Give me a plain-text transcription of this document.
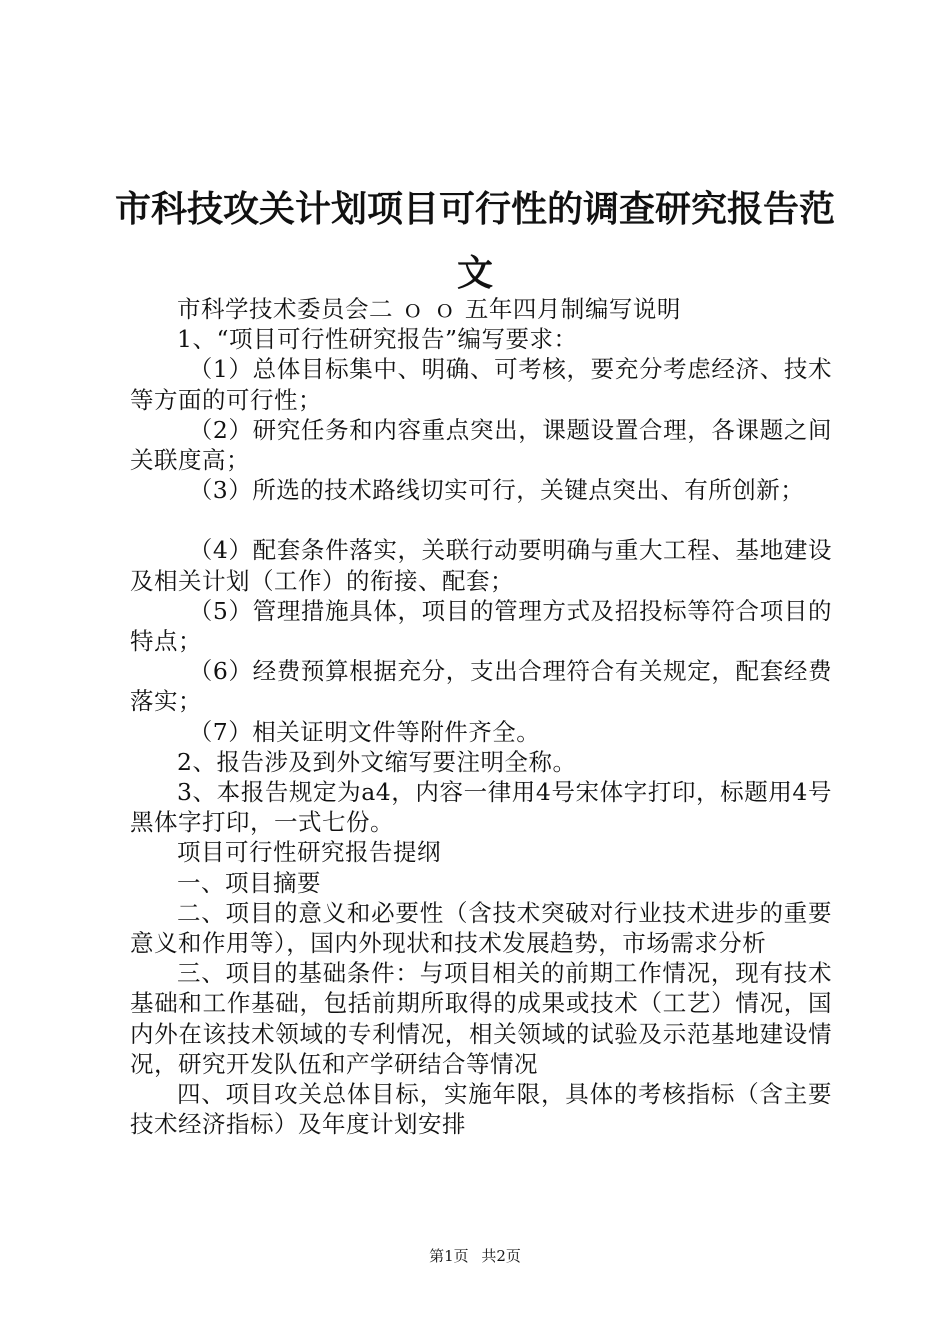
市科技攻关计划项目可行性的调查研究报告范文

市科学技术委员会二 ｏ ｏ 五年四月制编写说明

1、“项目可行性研究报告”编写要求：

（1）总体目标集中、明确、可考核，要充分考虑经济、技术等方面的可行性；

（2）研究任务和内容重点突出，课题设置合理，各课题之间关联度高；

（3）所选的技术路线切实可行，关键点突出、有所创新；

（4）配套条件落实，关联行动要明确与重大工程、基地建设及相关计划（工作）的衔接、配套；

（5）管理措施具体，项目的管理方式及招投标等符合项目的特点；

（6）经费预算根据充分，支出合理符合有关规定，配套经费落实；

（7）相关证明文件等附件齐全。

2、报告涉及到外文缩写要注明全称。

3、本报告规定为a4，内容一律用4号宋体字打印，标题用4号黑体字打印，一式七份。

项目可行性研究报告提纲

一、项目摘要

二、项目的意义和必要性（含技术突破对行业技术进步的重要意义和作用等），国内外现状和技术发展趋势，市场需求分析

三、项目的基础条件：与项目相关的前期工作情况，现有技术基础和工作基础，包括前期所取得的成果或技术（工艺）情况，国内外在该技术领域的专利情况，相关领域的试验及示范基地建设情况，研究开发队伍和产学研结合等情况

四、项目攻关总体目标，实施年限，具体的考核指标（含主要技术经济指标）及年度计划安排

第1页 共2页
